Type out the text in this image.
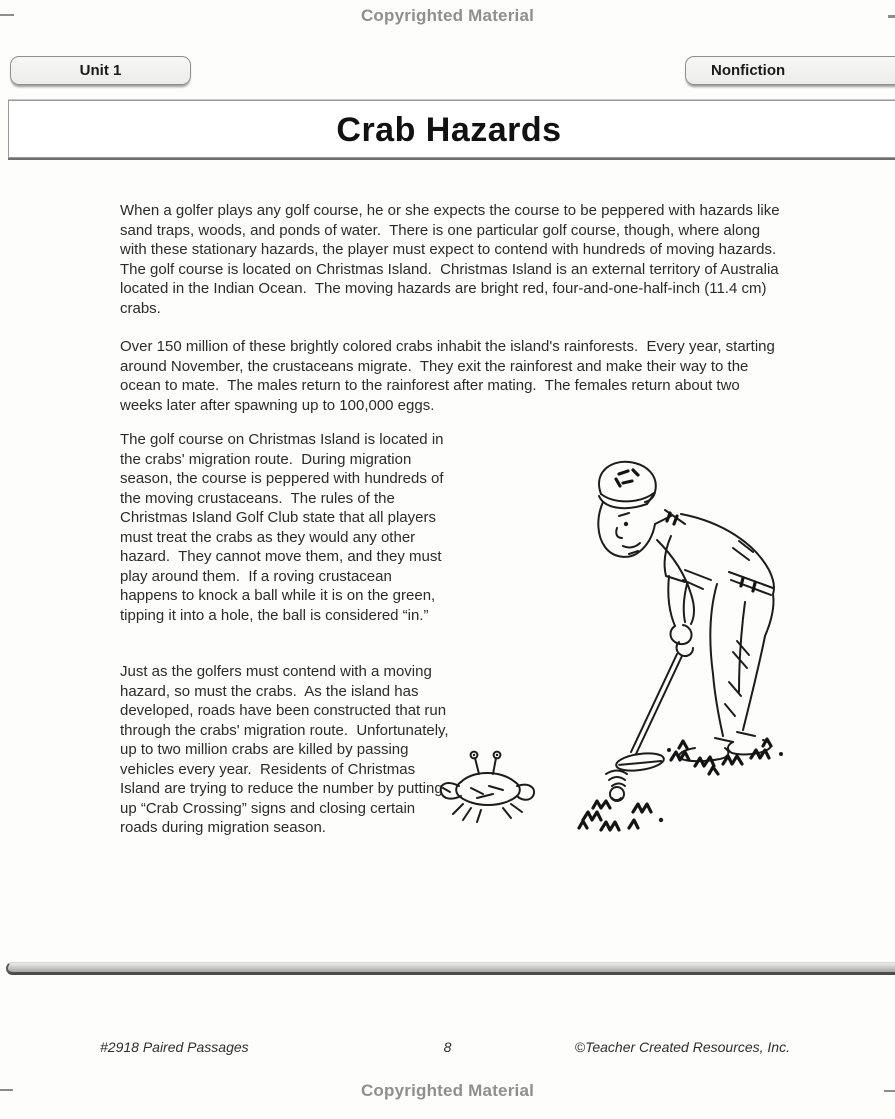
Copyrighted Material
Unit 1	Nonfiction
Crab Hazards
When a golfer plays any golf course, he or she expects the course to be peppered with hazards like sand traps, woods, and ponds of water.  There is one particular golf course, though, where along with these stationary hazards, the player must expect to contend with hundreds of moving hazards.  The golf course is located on Christmas Island.  Christmas Island is an external territory of Australia located in the Indian Ocean.  The moving hazards are bright red, four-and-one-half-inch (11.4 cm) crabs.
Over 150 million of these brightly colored crabs inhabit the island's rainforests.  Every year, starting around November, the crustaceans migrate.  They exit the rainforest and make their way to the ocean to mate.  The males return to the rainforest after mating.  The females return about two weeks later after spawning up to 100,000 eggs.
The golf course on Christmas Island is located in the crabs' migration route.  During migration season, the course is peppered with hundreds of the moving crustaceans.  The rules of the Christmas Island Golf Club state that all players must treat the crabs as they would any other hazard.  They cannot move them, and they must play around them.  If a roving crustacean happens to knock a ball while it is on the green, tipping it into a hole, the ball is considered “in.”
Just as the golfers must contend with a moving hazard, so must the crabs.  As the island has developed, roads have been constructed that run through the crabs' migration route.  Unfortunately, up to two million crabs are killed by passing vehicles every year.  Residents of Christmas Island are trying to reduce the number by putting up “Crab Crossing” signs and closing certain roads during migration season.
#2918 Paired Passages	8	©Teacher Created Resources, Inc.
Copyrighted Material
